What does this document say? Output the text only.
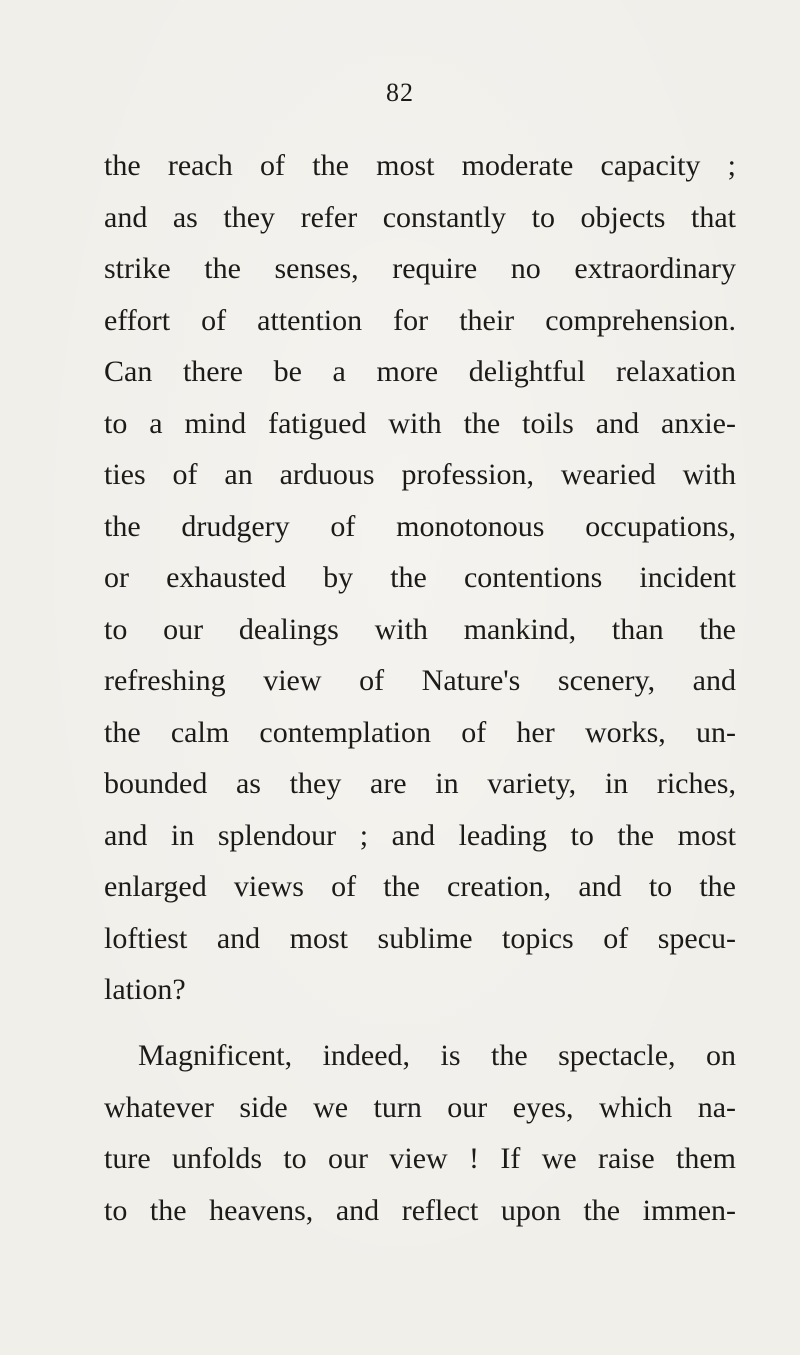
82
the reach of the most moderate capacity ;
and as they refer constantly to objects that
strike the senses, require no extraordinary
effort of attention for their comprehension.
Can there be a more delightful relaxation
to a mind fatigued with the toils and anxie-
ties of an arduous profession, wearied with
the drudgery of monotonous occupations,
or exhausted by the contentions incident
to our dealings with mankind, than the
refreshing view of Nature's scenery, and
the calm contemplation of her works, un-
bounded as they are in variety, in riches,
and in splendour ; and leading to the most
enlarged views of the creation, and to the
loftiest and most sublime topics of specu-
lation?
Magnificent, indeed, is the spectacle, on
whatever side we turn our eyes, which na-
ture unfolds to our view ! If we raise them
to the heavens, and reflect upon the immen-
